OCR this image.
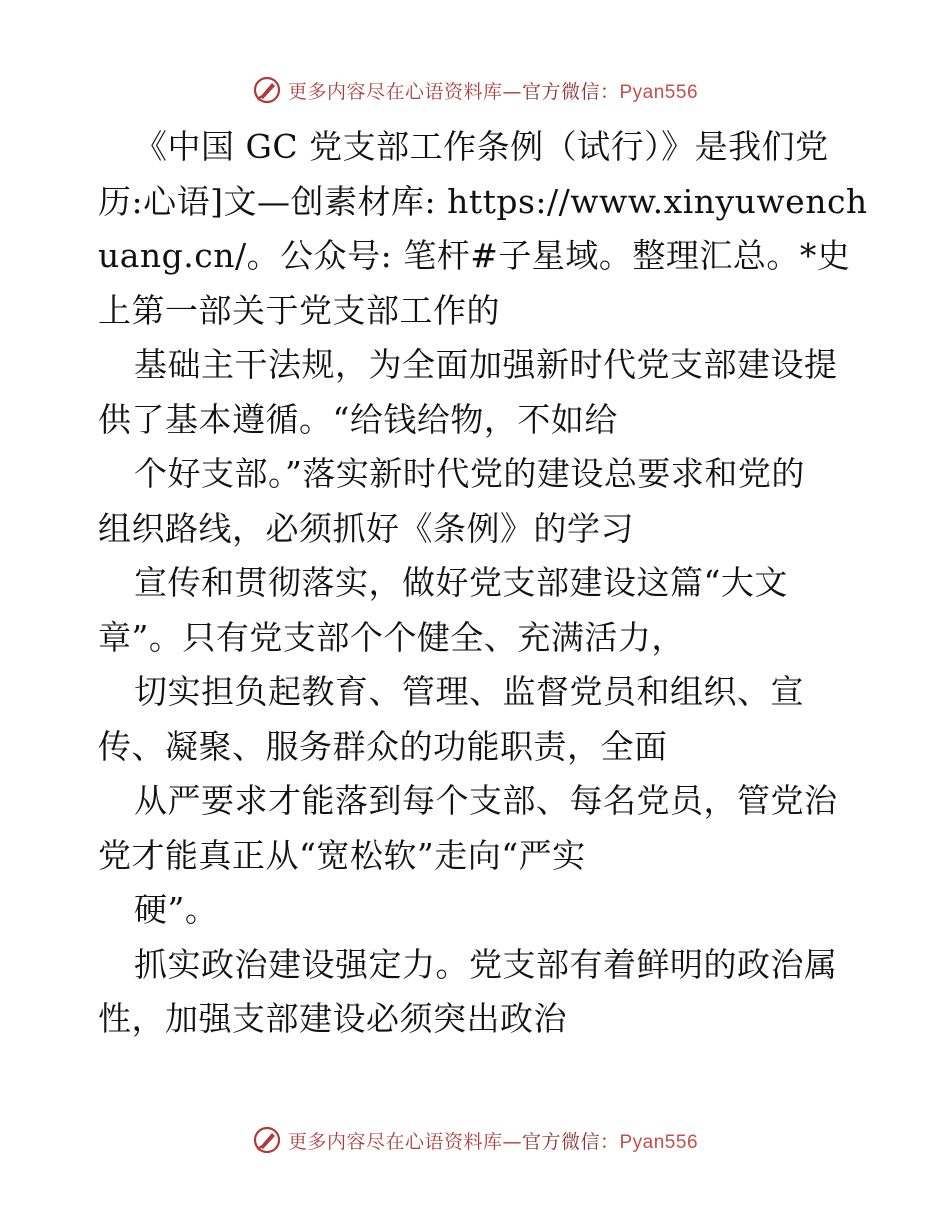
更多内容尽在心语资料库—官方微信：Pyan556
《中国 GC 党支部工作条例（试行）》是我们党
历:心语]文—创素材库: https://www.xinyuwench
uang.cn/。公众号: 笔杆#子星域。整理汇总。*史
上第一部关于党支部工作的
基础主干法规，为全面加强新时代党支部建设提
供了基本遵循。“给钱给物，不如给
个好支部。”落实新时代党的建设总要求和党的
组织路线，必须抓好《条例》的学习
宣传和贯彻落实，做好党支部建设这篇“大文
章”。只有党支部个个健全、充满活力，
切实担负起教育、管理、监督党员和组织、宣
传、凝聚、服务群众的功能职责，全面
从严要求才能落到每个支部、每名党员，管党治
党才能真正从“宽松软”走向“严实
硬”。
抓实政治建设强定力。党支部有着鲜明的政治属
性，加强支部建设必须突出政治
更多内容尽在心语资料库—官方微信：Pyan556
